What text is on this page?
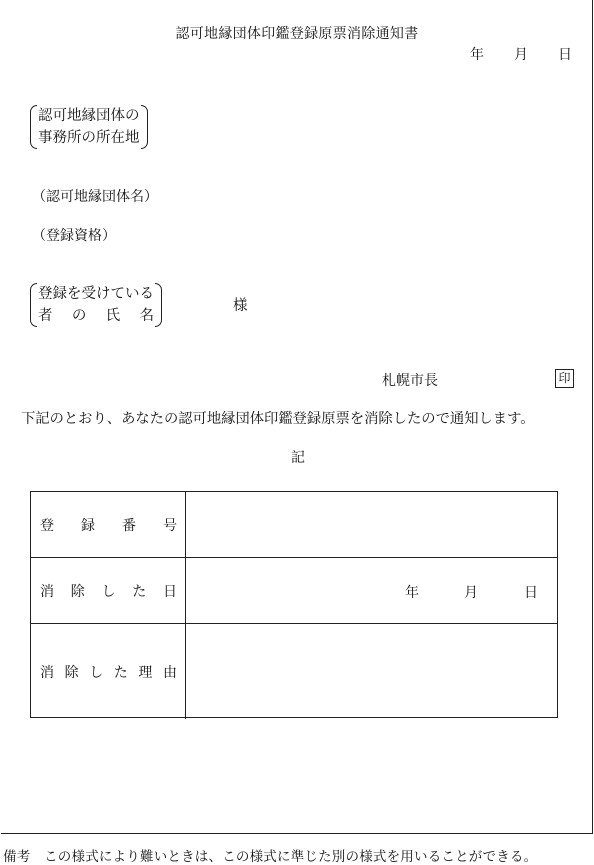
認可地縁団体印鑑登録原票消除通知書
年 月 日
認可地縁団体の
事務所の所在地
（認可地縁団体名）
（登録資格）
登録を受けている
者 の 氏 名
様
札幌市長	印
下記のとおり、あなたの認可地縁団体印鑑登録原票を消除したので通知します。
記
登 録 番 号
消 除 し た 日	年	月	日
消 除 し た 理 由
備考　この様式により難いときは、この様式に準じた別の様式を用いることができる。
